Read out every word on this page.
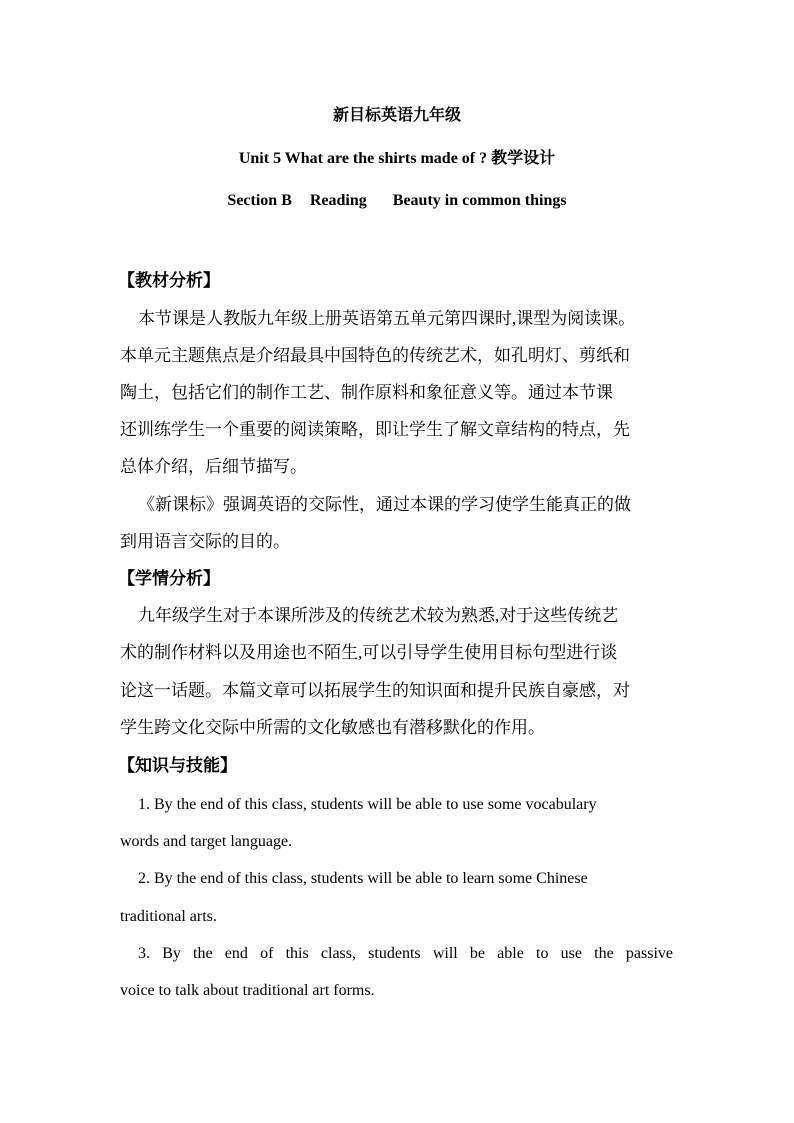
新目标英语九年级
Unit 5 What are the shirts made of ? 教学设计
Section B Reading Beauty in common things
【教材分析】
本节课是人教版九年级上册英语第五单元第四课时,课型为阅读课。
本单元主题焦点是介绍最具中国特色的传统艺术，如孔明灯、剪纸和
陶土，包括它们的制作工艺、制作原料和象征意义等。通过本节课
还训练学生一个重要的阅读策略，即让学生了解文章结构的特点，先
总体介绍，后细节描写。
《新课标》强调英语的交际性，通过本课的学习使学生能真正的做
到用语言交际的目的。
【学情分析】
九年级学生对于本课所涉及的传统艺术较为熟悉,对于这些传统艺
术的制作材料以及用途也不陌生,可以引导学生使用目标句型进行谈
论这一话题。本篇文章可以拓展学生的知识面和提升民族自豪感，对
学生跨文化交际中所需的文化敏感也有潜移默化的作用。
【知识与技能】
1. By the end of this class, students will be able to use some vocabulary
words and target language.
2. By the end of this class, students will be able to learn some Chinese
traditional arts.
3. By the end of this class, students will be able to use the passive
voice to talk about traditional art forms.
